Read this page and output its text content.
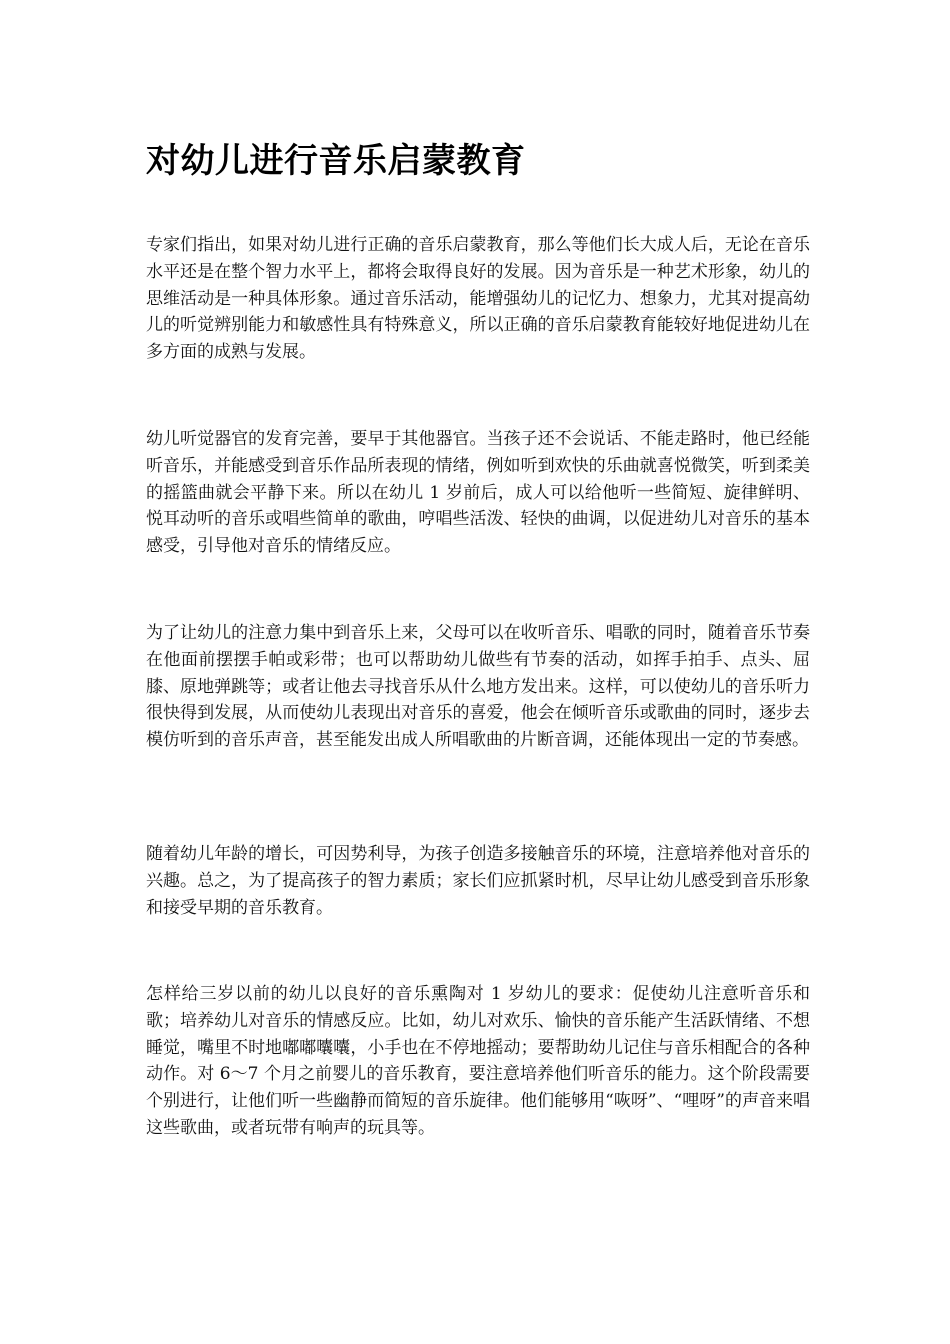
对幼儿进行音乐启蒙教育

专家们指出，如果对幼儿进行正确的音乐启蒙教育，那么等他们长大成人后，无论在音乐水平还是在整个智力水平上，都将会取得良好的发展。因为音乐是一种艺术形象，幼儿的思维活动是一种具体形象。通过音乐活动，能增强幼儿的记忆力、想象力，尤其对提高幼儿的听觉辨别能力和敏感性具有特殊意义，所以正确的音乐启蒙教育能较好地促进幼儿在多方面的成熟与发展。

幼儿听觉器官的发育完善，要早于其他器官。当孩子还不会说话、不能走路时，他已经能听音乐，并能感受到音乐作品所表现的情绪，例如听到欢快的乐曲就喜悦微笑，听到柔美的摇篮曲就会平静下来。所以在幼儿 1 岁前后，成人可以给他听一些简短、旋律鲜明、悦耳动听的音乐或唱些简单的歌曲，哼唱些活泼、轻快的曲调，以促进幼儿对音乐的基本感受，引导他对音乐的情绪反应。

为了让幼儿的注意力集中到音乐上来，父母可以在收听音乐、唱歌的同时，随着音乐节奏在他面前摆摆手帕或彩带；也可以帮助幼儿做些有节奏的活动，如挥手拍手、点头、屈膝、原地弹跳等；或者让他去寻找音乐从什么地方发出来。这样，可以使幼儿的音乐听力很快得到发展，从而使幼儿表现出对音乐的喜爱，他会在倾听音乐或歌曲的同时，逐步去模仿听到的音乐声音，甚至能发出成人所唱歌曲的片断音调，还能体现出一定的节奏感。

随着幼儿年龄的增长，可因势利导，为孩子创造多接触音乐的环境，注意培养他对音乐的兴趣。总之，为了提高孩子的智力素质；家长们应抓紧时机，尽早让幼儿感受到音乐形象和接受早期的音乐教育。

怎样给三岁以前的幼儿以良好的音乐熏陶对 1 岁幼儿的要求：促使幼儿注意听音乐和歌；培养幼儿对音乐的情感反应。比如，幼儿对欢乐、愉快的音乐能产生活跃情绪、不想睡觉，嘴里不时地嘟嘟囔囔，小手也在不停地摇动；要帮助幼儿记住与音乐相配合的各种动作。对 6～7 个月之前婴儿的音乐教育，要注意培养他们听音乐的能力。这个阶段需要个别进行，让他们听一些幽静而简短的音乐旋律。他们能够用“咴呀”、“哩呀”的声音来唱这些歌曲，或者玩带有响声的玩具等。
